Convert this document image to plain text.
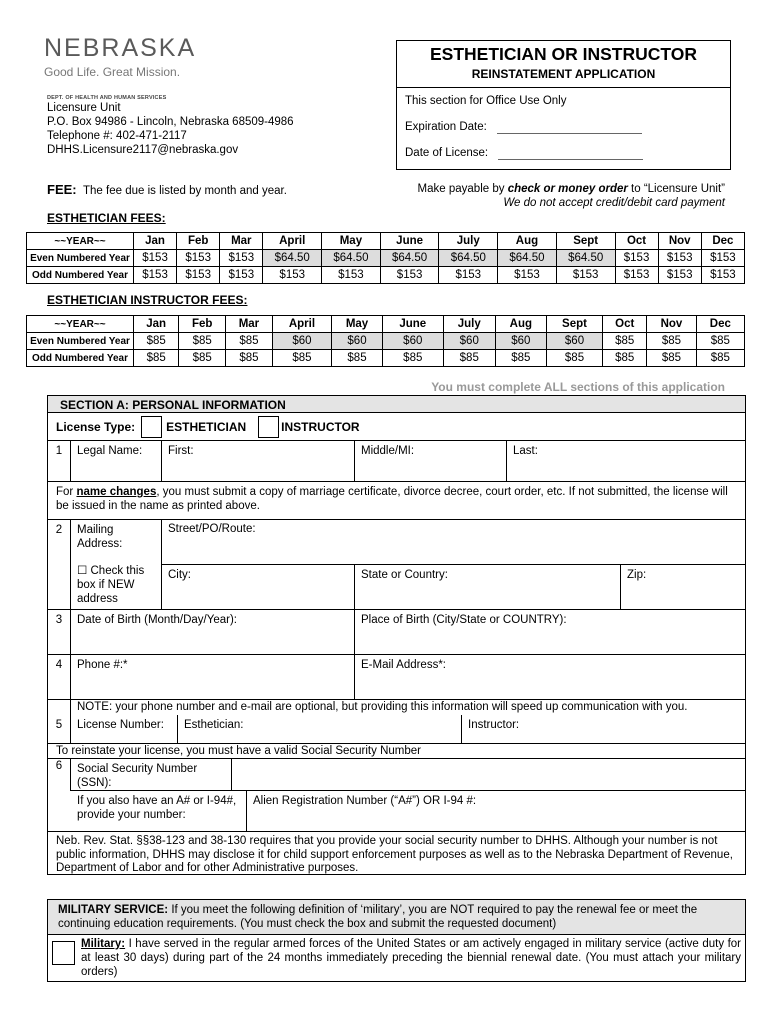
NEBRASKA
Good Life. Great Mission.
DEPT. OF HEALTH AND HUMAN SERVICES
Licensure Unit
P.O. Box 94986 - Lincoln, Nebraska 68509-4986
Telephone #: 402-471-2117
DHHS.Licensure2117@nebraska.gov
ESTHETICIAN OR INSTRUCTOR
REINSTATEMENT APPLICATION
This section for Office Use Only
Expiration Date:
Date of License:
FEE: The fee due is listed by month and year.	Make payable by check or money order to “Licensure Unit”
We do not accept credit/debit card payment
ESTHETICIAN FEES:
~~YEAR~~	Jan	Feb	Mar	April	May	June	July	Aug	Sept	Oct	Nov	Dec
Even Numbered Year	$153	$153	$153	$64.50	$64.50	$64.50	$64.50	$64.50	$64.50	$153	$153	$153
Odd Numbered Year	$153	$153	$153	$153	$153	$153	$153	$153	$153	$153	$153	$153
ESTHETICIAN INSTRUCTOR FEES:
~~YEAR~~	Jan	Feb	Mar	April	May	June	July	Aug	Sept	Oct	Nov	Dec
Even Numbered Year	$85	$85	$85	$60	$60	$60	$60	$60	$60	$85	$85	$85
Odd Numbered Year	$85	$85	$85	$85	$85	$85	$85	$85	$85	$85	$85	$85
You must complete ALL sections of this application
SECTION A: PERSONAL INFORMATION
License Type:	ESTHETICIAN	INSTRUCTOR
1	Legal Name:	First:	Middle/MI:	Last:
For name changes, you must submit a copy of marriage certificate, divorce decree, court order, etc. If not submitted, the license will be issued in the name as printed above.
2	Mailing Address:
☐ Check this box if NEW address
Street/PO/Route:
City:	State or Country:	Zip:
3	Date of Birth (Month/Day/Year):	Place of Birth (City/State or COUNTRY):
4	Phone #:*	E-Mail Address*:
5
NOTE: your phone number and e-mail are optional, but providing this information will speed up communication with you.
License Number:	Esthetician:	Instructor:
To reinstate your license, you must have a valid Social Security Number
6	Social Security Number (SSN):
If you also have an A# or I-94#, provide your number:
Alien Registration Number (“A#”) OR I-94 #:
Neb. Rev. Stat. §§38-123 and 38-130 requires that you provide your social security number to DHHS. Although your number is not public information, DHHS may disclose it for child support enforcement purposes as well as to the Nebraska Department of Revenue, Department of Labor and for other Administrative purposes.
MILITARY SERVICE: If you meet the following definition of ‘military’, you are NOT required to pay the renewal fee or meet the continuing education requirements. (You must check the box and submit the requested document)
Military: I have served in the regular armed forces of the United States or am actively engaged in military service (active duty for at least 30 days) during part of the 24 months immediately preceding the biennial renewal date. (You must attach your military orders)
